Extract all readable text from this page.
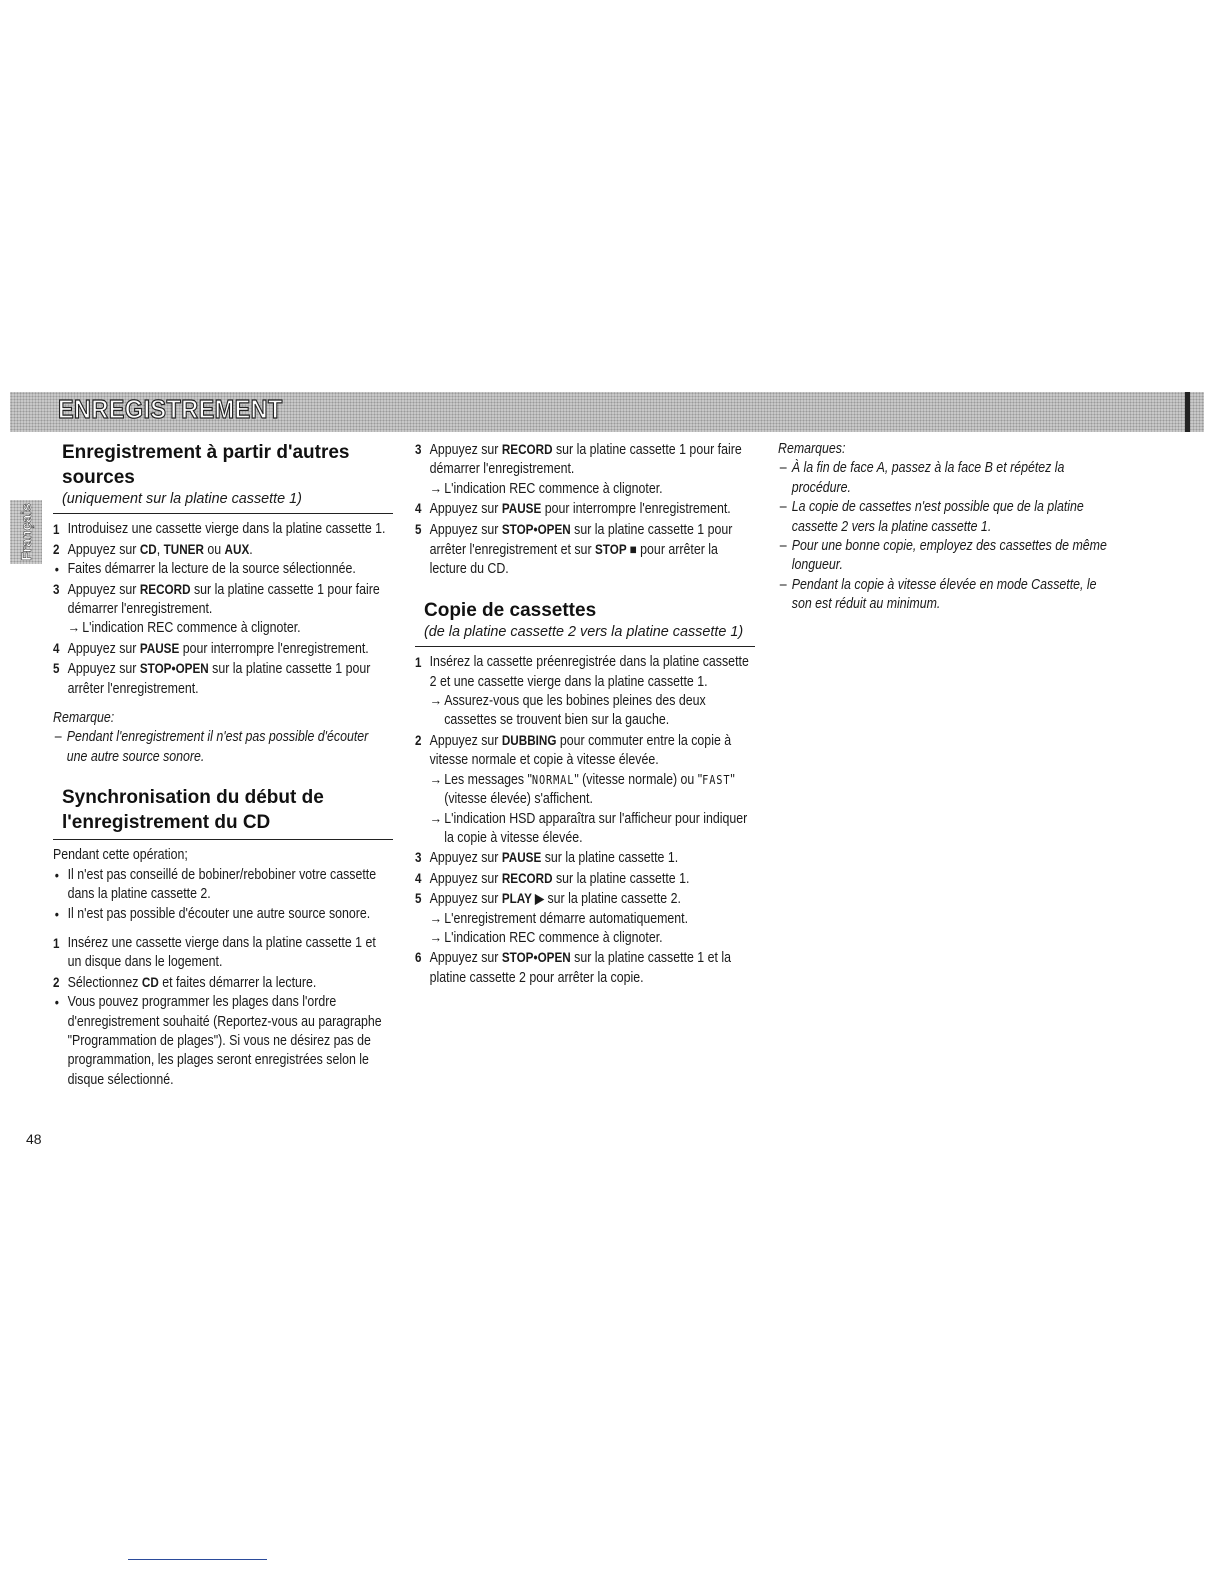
ENREGISTREMENT
Français
Enregistrement à partir d'autres sources
(uniquement sur la platine cassette 1)
1 Introduisez une cassette vierge dans la platine cassette 1.
2 Appuyez sur CD, TUNER ou AUX.
• Faites démarrer la lecture de la source sélectionnée.
3 Appuyez sur RECORD sur la platine cassette 1 pour faire démarrer l'enregistrement.
→ L'indication REC commence à clignoter.
4 Appuyez sur PAUSE pour interrompre l'enregistrement.
5 Appuyez sur STOP•OPEN sur la platine cassette 1 pour arrêter l'enregistrement.
Remarque:
– Pendant l'enregistrement il n'est pas possible d'écouter une autre source sonore.
Synchronisation du début de
l'enregistrement du CD
Pendant cette opération;
• Il n'est pas conseillé de bobiner/rebobiner votre cassette dans la platine cassette 2.
• Il n'est pas possible d'écouter une autre source sonore.
1 Insérez une cassette vierge dans la platine cassette 1 et un disque dans le logement.
2 Sélectionnez CD et faites démarrer la lecture.
• Vous pouvez programmer les plages dans l'ordre d'enregistrement souhaité (Reportez-vous au paragraphe "Programmation de plages"). Si vous ne désirez pas de programmation, les plages seront enregistrées selon le disque sélectionné.
3 Appuyez sur RECORD sur la platine cassette 1 pour faire démarrer l'enregistrement.
→ L'indication REC commence à clignoter.
4 Appuyez sur PAUSE pour interrompre l'enregistrement.
5 Appuyez sur STOP•OPEN sur la platine cassette 1 pour arrêter l'enregistrement et sur STOP ■ pour arrêter la lecture du CD.
Copie de cassettes
(de la platine cassette 2 vers la platine cassette 1)
1 Insérez la cassette préenregistrée dans la platine cassette 2 et une cassette vierge dans la platine cassette 1.
→ Assurez-vous que les bobines pleines des deux cassettes se trouvent bien sur la gauche.
2 Appuyez sur DUBBING pour commuter entre la copie à vitesse normale et copie à vitesse élevée.
→ Les messages "NORMAL" (vitesse normale) ou "FAST" (vitesse élevée) s'affichent.
→ L'indication HSD apparaîtra sur l'afficheur pour indiquer la copie à vitesse élevée.
3 Appuyez sur PAUSE sur la platine cassette 1.
4 Appuyez sur RECORD sur la platine cassette 1.
5 Appuyez sur PLAY ▶ sur la platine cassette 2.
→ L'enregistrement démarre automatiquement.
→ L'indication REC commence à clignoter.
6 Appuyez sur STOP•OPEN sur la platine cassette 1 et la platine cassette 2 pour arrêter la copie.
Remarques:
– À la fin de face A, passez à la face B et répétez la procédure.
– La copie de cassettes n'est possible que de la platine cassette 2 vers la platine cassette 1.
– Pour une bonne copie, employez des cassettes de même longueur.
– Pendant la copie à vitesse élevée en mode Cassette, le son est réduit au minimum.
48
